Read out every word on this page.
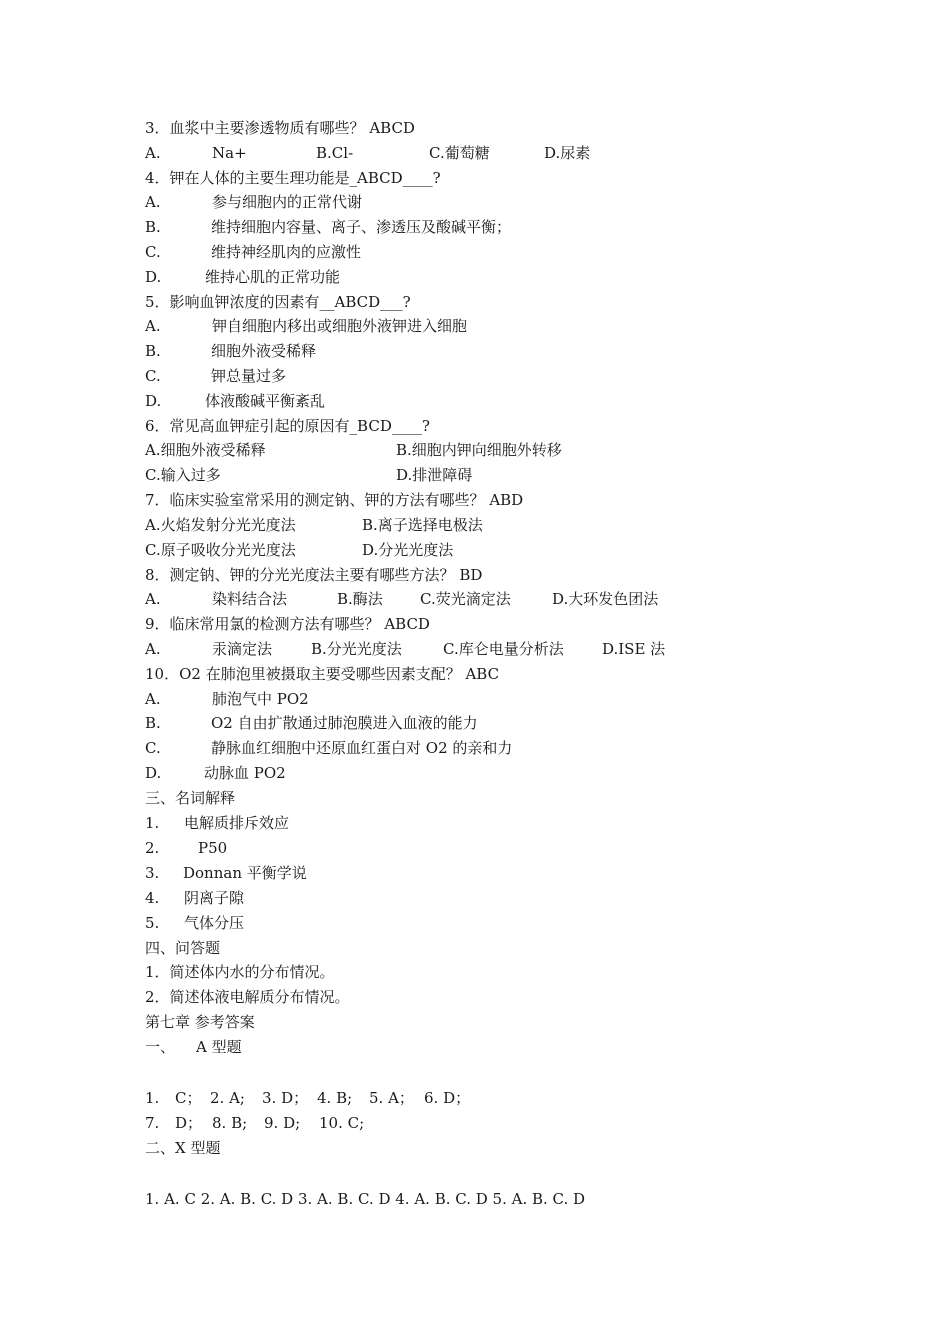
3．血浆中主要渗透物质有哪些？ ABCD
A.	Na+	B.Cl-	C.葡萄糖	D.尿素
4．钾在人体的主要生理功能是_ABCD____?
A.	参与细胞内的正常代谢
B.	维持细胞内容量、离子、渗透压及酸碱平衡；
C.	维持神经肌肉的应激性
D.	维持心肌的正常功能
5．影响血钾浓度的因素有__ABCD___?
A.	钾自细胞内移出或细胞外液钾进入细胞
B.	细胞外液受稀释
C.	钾总量过多
D.	体液酸碱平衡紊乱
6．常见高血钾症引起的原因有_BCD____?
A.细胞外液受稀释	B.细胞内钾向细胞外转移
C.输入过多	D.排泄障碍
7．临床实验室常采用的测定钠、钾的方法有哪些？ ABD
A.火焰发射分光光度法	B.离子选择电极法
C.原子吸收分光光度法	D.分光光度法
8．测定钠、钾的分光光度法主要有哪些方法？ BD
A.	染料结合法	B.酶法 C.荧光滴定法	D.大环发色团法
9．临床常用氯的检测方法有哪些？ ABCD
A.	汞滴定法	B.分光光度法	C.库仑电量分析法	D.ISE 法
10．O2 在肺泡里被摄取主要受哪些因素支配？ ABC
A.	肺泡气中 PO2
B.	O2 自由扩散通过肺泡膜进入血液的能力
C.	静脉血红细胞中还原血红蛋白对 O2 的亲和力
D.	动脉血 PO2
三、名词解释
1. 电解质排斥效应
2.	P50
3. Donnan 平衡学说
4. 阴离子隙
5. 气体分压
四、问答题
1．简述体内水的分布情况。
2．简述体液电解质分布情况。
第七章 参考答案
一、 A 型题
1. C； 2. A; 3. D； 4. B; 5. A； 6. D；
7. D； 8. B; 9. D; 10. C;
二、X 型题
1. A. C 2. A. B. C. D 3. A. B. C. D 4. A. B. C. D 5. A. B. C. D
